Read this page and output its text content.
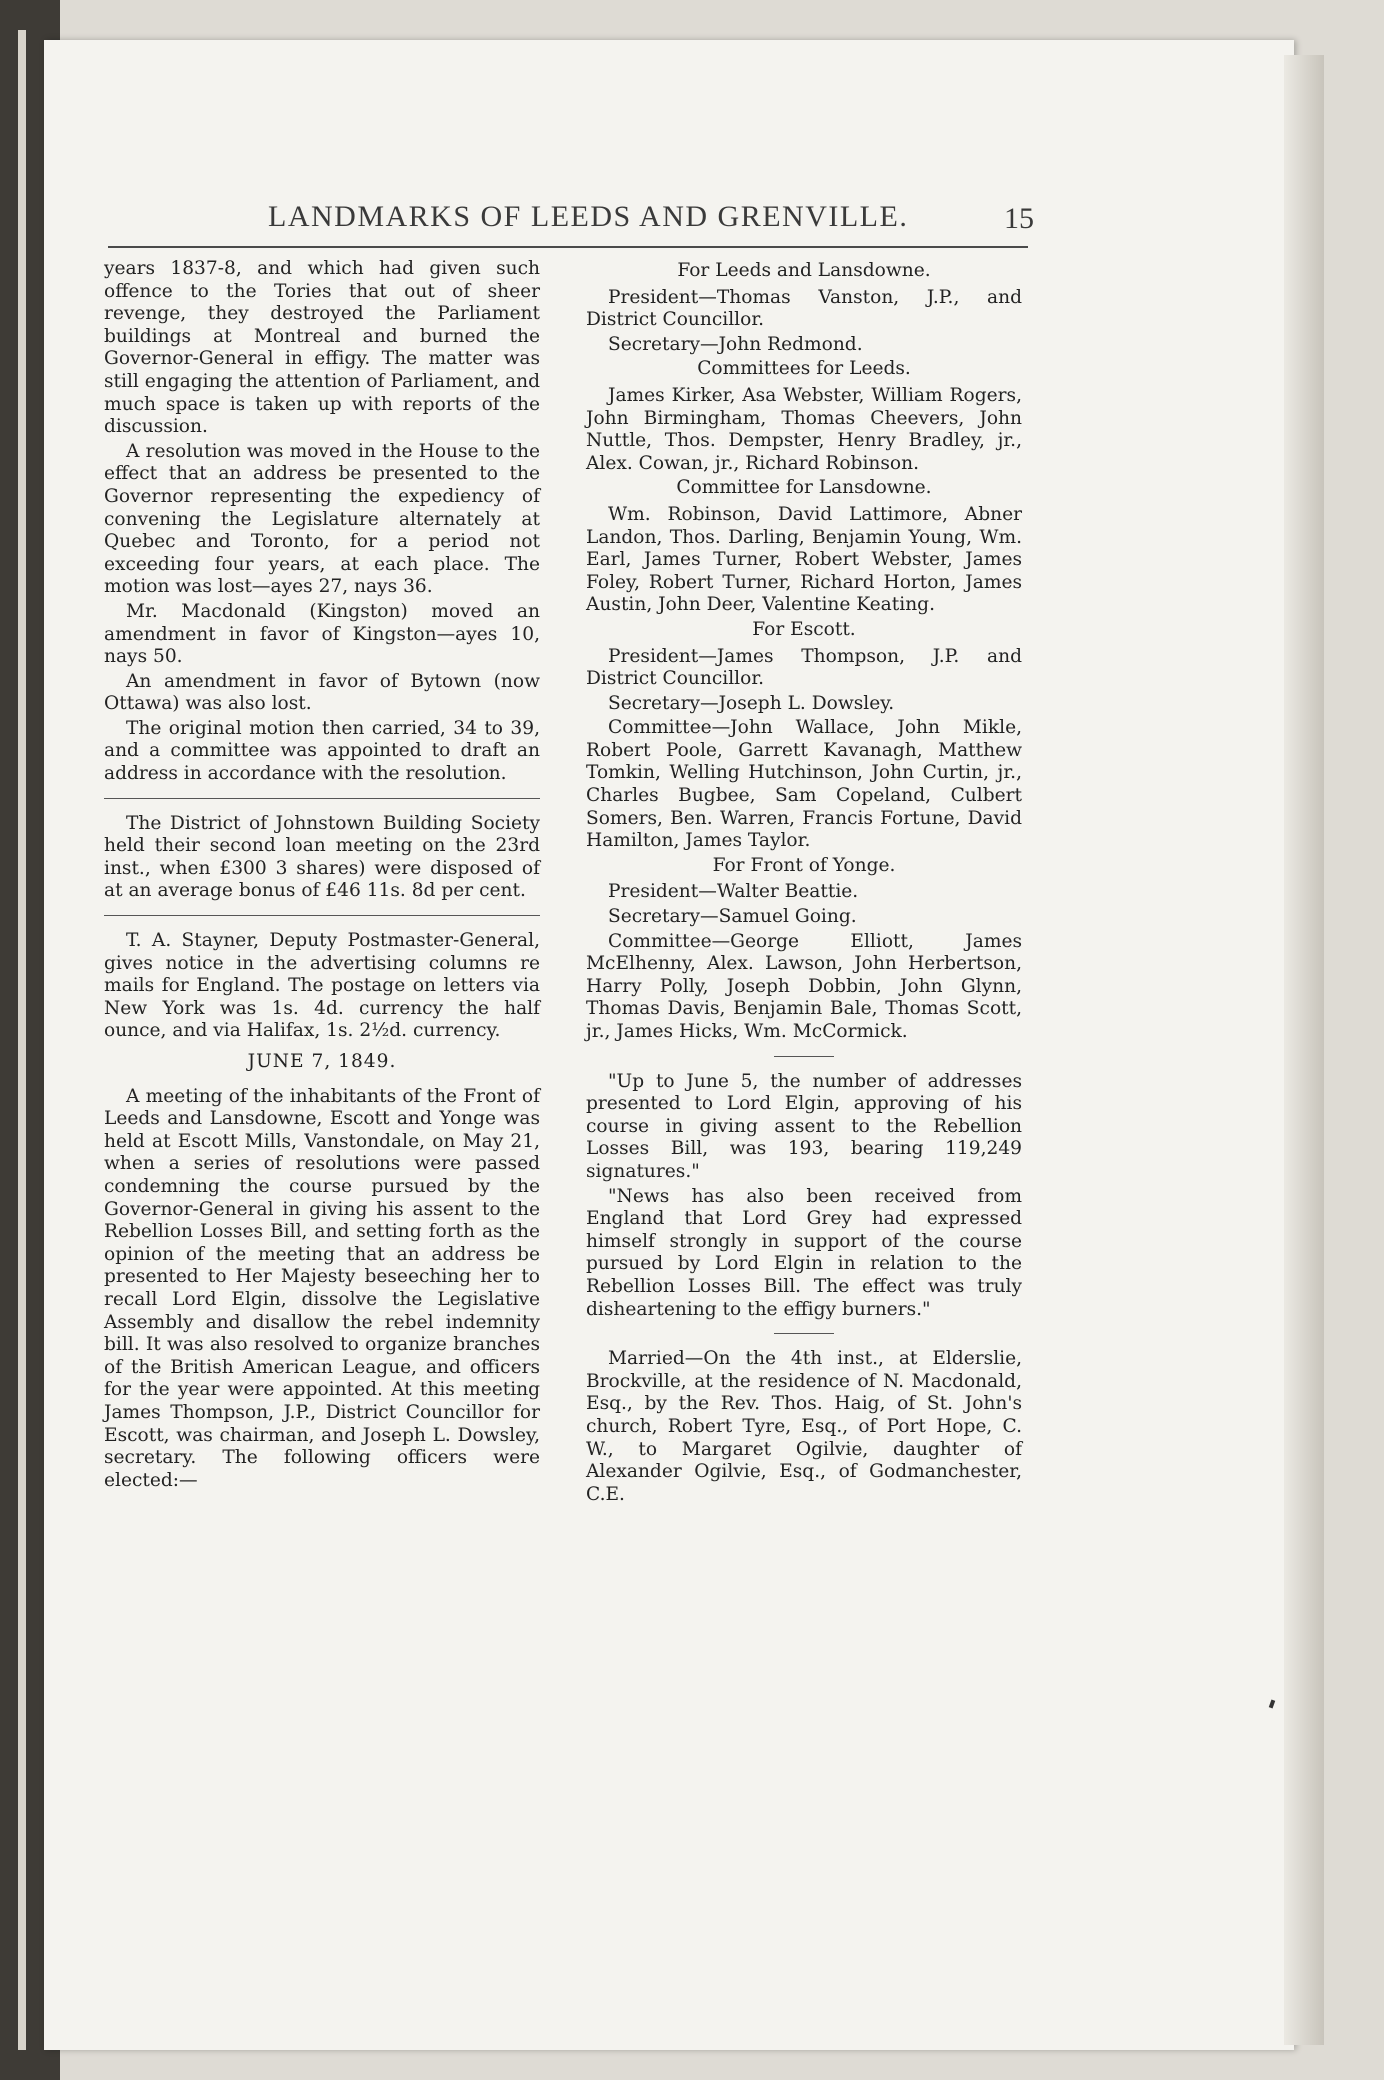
LANDMARKS OF LEEDS AND GRENVILLE.	15

years 1837-8, and which had given such offence to the Tories that out of sheer revenge, they destroyed the Parliament buildings at Montreal and burned the Governor-General in effigy. The matter was still engaging the attention of Parliament, and much space is taken up with reports of the discussion.

A resolution was moved in the House to the effect that an address be presented to the Governor representing the expediency of convening the Legislature alternately at Quebec and Toronto, for a period not exceeding four years, at each place. The motion was lost—ayes 27, nays 36.

Mr. Macdonald (Kingston) moved an amendment in favor of Kingston—ayes 10, nays 50.

An amendment in favor of Bytown (now Ottawa) was also lost.

The original motion then carried, 34 to 39, and a committee was appointed to draft an address in accordance with the resolution.

The District of Johnstown Building Society held their second loan meeting on the 23rd inst., when £300 3 shares) were disposed of at an average bonus of £46 11s. 8d per cent.

T. A. Stayner, Deputy Postmaster-General, gives notice in the advertising columns re mails for England. The postage on letters via New York was 1s. 4d. currency the half ounce, and via Halifax, 1s. 2½d. currency.

JUNE 7, 1849.

A meeting of the inhabitants of the Front of Leeds and Lansdowne, Escott and Yonge was held at Escott Mills, Vanstondale, on May 21, when a series of resolutions were passed condemning the course pursued by the Governor-General in giving his assent to the Rebellion Losses Bill, and setting forth as the opinion of the meeting that an address be presented to Her Majesty beseeching her to recall Lord Elgin, dissolve the Legislative Assembly and disallow the rebel indemnity bill. It was also resolved to organize branches of the British American League, and officers for the year were appointed. At this meeting James Thompson, J.P., District Councillor for Escott, was chairman, and Joseph L. Dowsley, secretary. The following officers were elected:—

For Leeds and Lansdowne.

President—Thomas Vanston, J.P., and District Councillor.

Secretary—John Redmond.

Committees for Leeds.

James Kirker, Asa Webster, William Rogers, John Birmingham, Thomas Cheevers, John Nuttle, Thos. Dempster, Henry Bradley, jr., Alex. Cowan, jr., Richard Robinson.

Committee for Lansdowne.

Wm. Robinson, David Lattimore, Abner Landon, Thos. Darling, Benjamin Young, Wm. Earl, James Turner, Robert Webster, James Foley, Robert Turner, Richard Horton, James Austin, John Deer, Valentine Keating.

For Escott.

President—James Thompson, J.P. and District Councillor.

Secretary—Joseph L. Dowsley.

Committee—John Wallace, John Mikle, Robert Poole, Garrett Kavanagh, Matthew Tomkin, Welling Hutchinson, John Curtin, jr., Charles Bugbee, Sam Copeland, Culbert Somers, Ben. Warren, Francis Fortune, David Hamilton, James Taylor.

For Front of Yonge.

President—Walter Beattie.

Secretary—Samuel Going.

Committee—George Elliott, James McElhenny, Alex. Lawson, John Herbertson, Harry Polly, Joseph Dobbin, John Glynn, Thomas Davis, Benjamin Bale, Thomas Scott, jr., James Hicks, Wm. McCormick.

"Up to June 5, the number of addresses presented to Lord Elgin, approving of his course in giving assent to the Rebellion Losses Bill, was 193, bearing 119,249 signatures."

"News has also been received from England that Lord Grey had expressed himself strongly in support of the course pursued by Lord Elgin in relation to the Rebellion Losses Bill. The effect was truly disheartening to the effigy burners."

Married—On the 4th inst., at Elderslie, Brockville, at the residence of N. Macdonald, Esq., by the Rev. Thos. Haig, of St. John's church, Robert Tyre, Esq., of Port Hope, C. W., to Margaret Ogilvie, daughter of Alexander Ogilvie, Esq., of Godmanchester, C.E.
